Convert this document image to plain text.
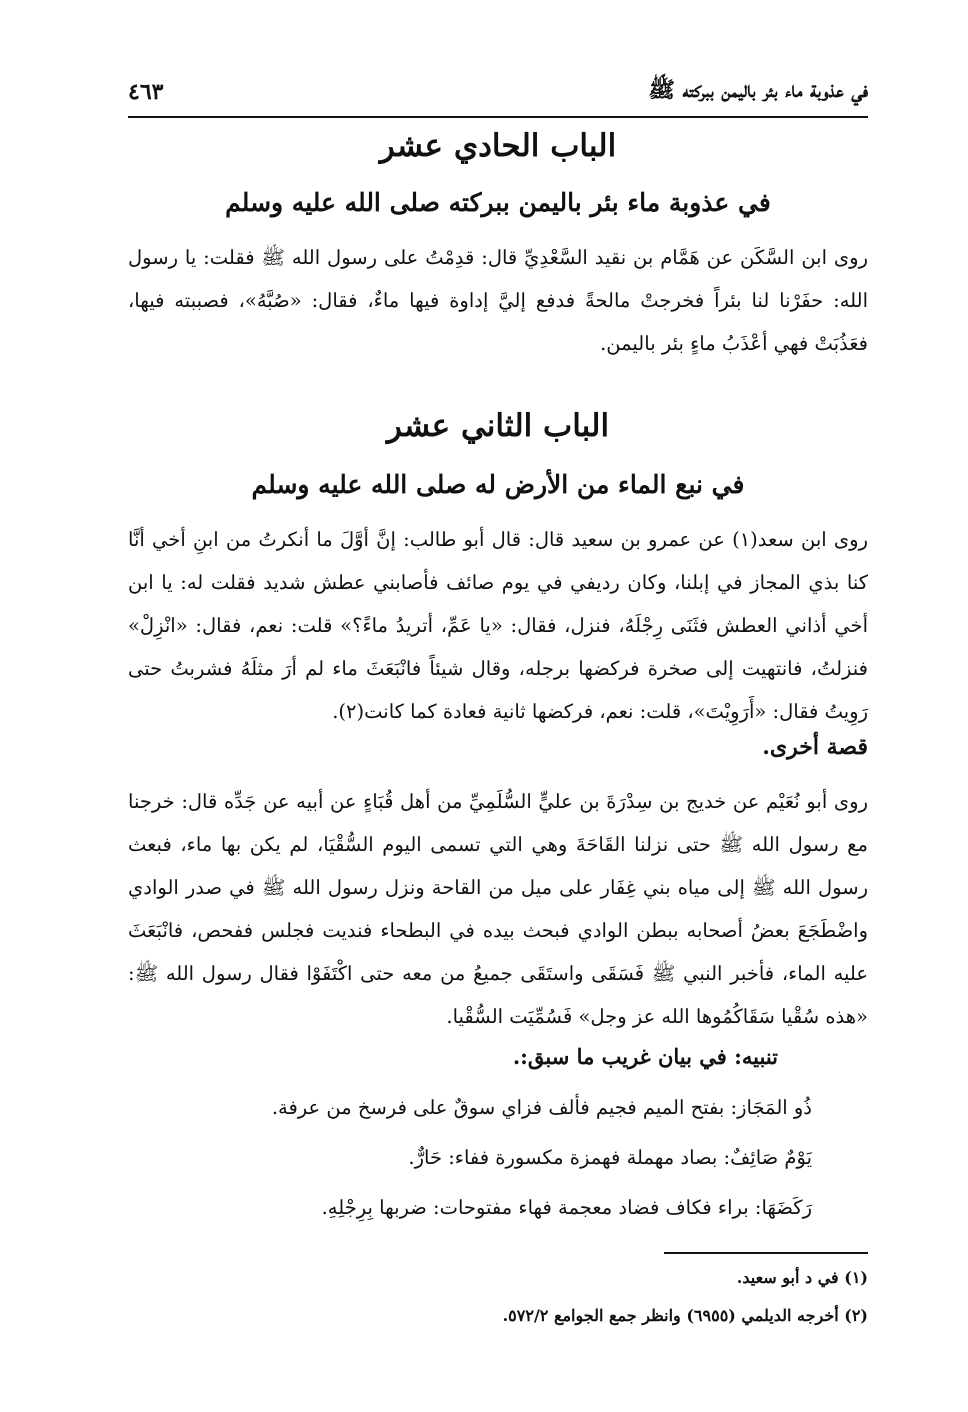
في عذوبة ماء بئر باليمن ببركته ﷺ
٤٦٣
الباب الحادي عشر
في عذوبة ماء بئر باليمن ببركته صلى الله عليه وسلم

روى ابن السَّكَن عن هَمَّام بن نقيد السَّعْدِيِّ قال: قدِمْتُ على رسول الله ﷺ فقلت: يا رسول الله: حفَرْنا لنا بئراً فخرجتْ مالحةً فدفع إليَّ إداوة فيها ماءٌ، فقال: «صُبَّهُ»، فصببته فيها، فعَذُبَتْ فهي أعْذَبُ ماءٍ بئر باليمن.

الباب الثاني عشر
في نبع الماء من الأرض له صلى الله عليه وسلم

روى ابن سعد(١) عن عمرو بن سعيد قال: قال أبو طالب: إنَّ أوَّلَ ما أنكرتُ من ابنِ أخي أنَّا كنا بذي المجاز في إبلنا، وكان رديفي في يوم صائف فأصابني عطش شديد فقلت له: يا ابن أخي أذاني العطش فثَنَى رِجْلَهُ، فنزل، فقال: «يا عَمِّ، أتريدُ ماءً؟» قلت: نعم، فقال: «انْزِلْ» فنزلتُ، فانتهيت إلى صخرة فركضها برجله، وقال شيئاً فانْبَعَثَ ماء لم أرَ مثلَهُ فشربتُ حتى رَوِيتُ فقال: «أَرَوِيْتَ»، قلت: نعم، فركضها ثانية فعادة كما كانت(٢).

قصة أخرى.

روى أبو نُعَيْم عن خديج بن سِدْرَةَ بن عليٍّ السُّلَمِيِّ من أهل قُبَاءٍ عن أبيه عن جَدِّه قال: خرجنا مع رسول الله ﷺ حتى نزلنا القَاحَةَ وهي التي تسمى اليوم السُّقْيَا، لم يكن بها ماء، فبعث رسول الله ﷺ إلى مياه بني غِفَار على ميل من القاحة ونزل رسول الله ﷺ في صدر الوادي واضْطَجَعَ بعضُ أصحابه ببطن الوادي فبحث بيده في البطحاء فنديت فجلس ففحص، فانْبَعَثَ عليه الماء، فأخبر النبي ﷺ فَسَقَى واستَقَى جميعُ من معه حتى اكْتَفَوْا فقال رسول الله ﷺ: «هذه سُقْيا سَقَاكُمُوها الله عز وجل» فَسُمِّيَت السُّقْيا.

تنبيه: في بيان غريب ما سبق:.
ذُو المَجَاز: بفتح الميم فجيم فألف فزاي سوقٌ على فرسخ من عرفة.
يَوْمٌ صَائِفٌ: بصاد مهملة فهمزة مكسورة ففاء: حَارٌّ.
رَكَضَهَا: براء فكاف فضاد معجمة فهاء مفتوحات: ضربها بِرِجْلِهِ.
(١) في د أبو سعيد.
(٢) أخرجه الديلمي (٦٩٥٥) وانظر جمع الجوامع ٥٧٢/٢.
